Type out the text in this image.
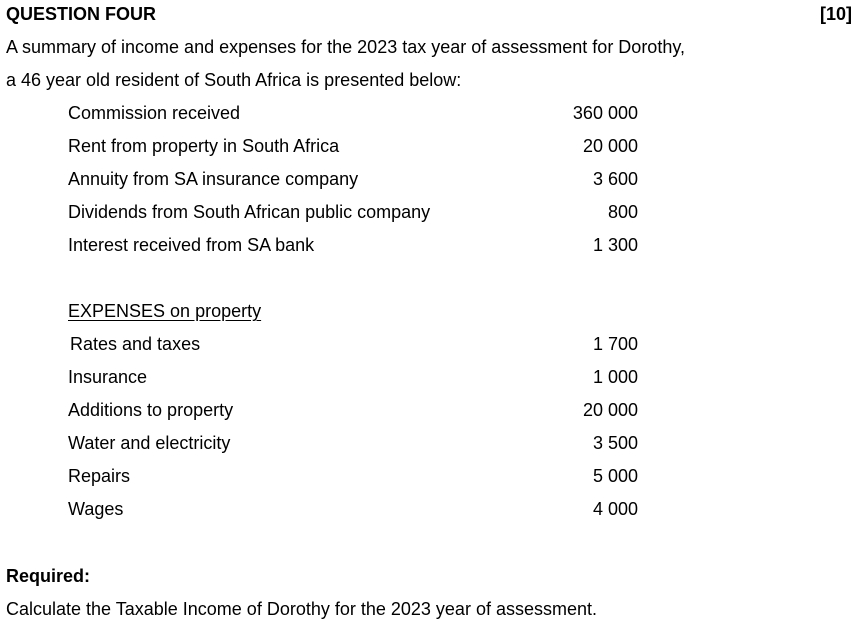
QUESTION FOUR	[10]
A summary of income and expenses for the 2023 tax year of assessment for Dorothy,
a 46 year old resident of South Africa is presented below:
Commission received	360 000
Rent from property in South Africa	20 000
Annuity from SA insurance company	3 600
Dividends from South African public company	800
Interest received from SA bank	1 300
EXPENSES on property
Rates and taxes	1 700
Insurance	1 000
Additions to property	20 000
Water and electricity	3 500
Repairs	5 000
Wages	4 000
Required:
Calculate the Taxable Income of Dorothy for the 2023 year of assessment.
